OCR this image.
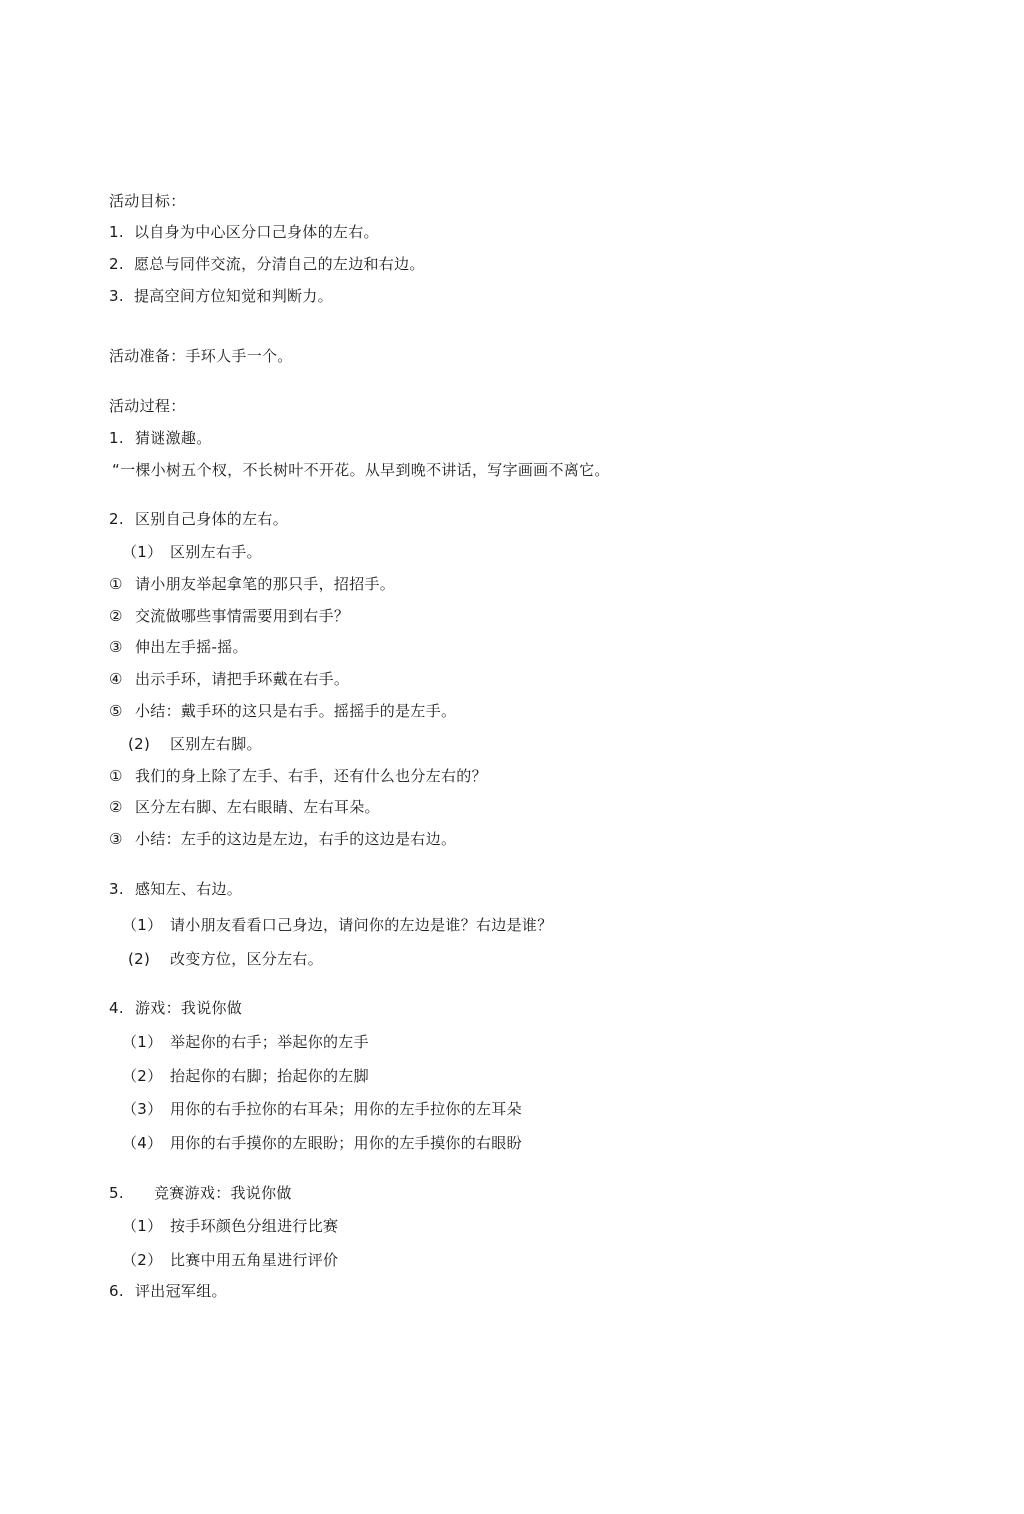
活动目标：
1. 以自身为中心区分口己身体的左右。
2. 愿总与同伴交流，分清自己的左边和右边。
3. 提高空间方位知觉和判断力。
活动准备：手环人手一个。
活动过程：
1. 猜谜激趣。
“一棵小树五个杈，不长树叶不开花。从早到晚不讲话，写字画画不离它。
2. 区别自己身体的左右。
（1） 区别左右手。
① 请小朋友举起拿笔的那只手，招招手。
② 交流做哪些事情需要用到右手？
③ 伸出左手摇-摇。
④ 出示手环，请把手环戴在右手。
⑤ 小结：戴手环的这只是右手。摇摇手的是左手。
(2) 区别左右脚。
① 我们的身上除了左手、右手，还有什么也分左右的？
② 区分左右脚、左右眼睛、左右耳朵。
③ 小结：左手的这边是左边，右手的这边是右边。
3. 感知左、右边。
（1） 请小朋友看看口己身边，请问你的左边是谁？右边是谁？
(2) 改变方位，区分左右。
4. 游戏：我说你做
（1） 举起你的右手；举起你的左手
（2） 抬起你的右脚；抬起你的左脚
（3） 用你的右手拉你的右耳朵；用你的左手拉你的左耳朵
（4） 用你的右手摸你的左眼盼；用你的左手摸你的右眼盼
5. 竞赛游戏：我说你做
（1） 按手环颜色分组进行比赛
（2） 比赛中用五角星进行评价
6. 评出冠军组。
